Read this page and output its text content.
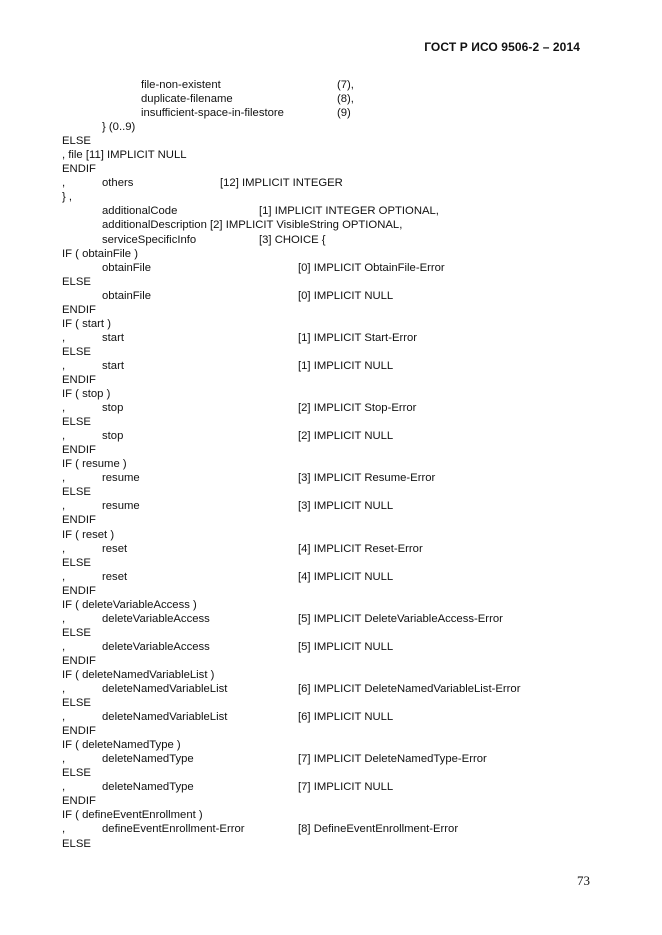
ГОСТ Р ИСО 9506-2 – 2014
file-non-existent	(7),
duplicate-filename	(8),
insufficient-space-in-filestore	(9)
} (0..9)
ELSE
, file [11] IMPLICIT NULL
ENDIF
,	others	[12] IMPLICIT INTEGER
} ,
additionalCode	[1] IMPLICIT INTEGER OPTIONAL,
additionalDescription [2] IMPLICIT VisibleString OPTIONAL,
serviceSpecificInfo	[3] CHOICE {
IF ( obtainFile )
obtainFile	[0] IMPLICIT ObtainFile-Error
ELSE
obtainFile	[0] IMPLICIT NULL
ENDIF
IF ( start )
,	start	[1] IMPLICIT Start-Error
ELSE
,	start	[1] IMPLICIT NULL
ENDIF
IF ( stop )
,	stop	[2] IMPLICIT Stop-Error
ELSE
,	stop	[2] IMPLICIT NULL
ENDIF
IF ( resume )
,	resume	[3] IMPLICIT Resume-Error
ELSE
,	resume	[3] IMPLICIT NULL
ENDIF
IF ( reset )
,	reset	[4] IMPLICIT Reset-Error
ELSE
,	reset	[4] IMPLICIT NULL
ENDIF
IF ( deleteVariableAccess )
,	deleteVariableAccess	[5] IMPLICIT DeleteVariableAccess-Error
ELSE
,	deleteVariableAccess	[5] IMPLICIT NULL
ENDIF
IF ( deleteNamedVariableList )
,	deleteNamedVariableList	[6] IMPLICIT DeleteNamedVariableList-Error
ELSE
,	deleteNamedVariableList	[6] IMPLICIT NULL
ENDIF
IF ( deleteNamedType )
,	deleteNamedType	[7] IMPLICIT DeleteNamedType-Error
ELSE
,	deleteNamedType	[7] IMPLICIT NULL
ENDIF
IF ( defineEventEnrollment )
,	defineEventEnrollment-Error	[8] DefineEventEnrollment-Error
ELSE
73
